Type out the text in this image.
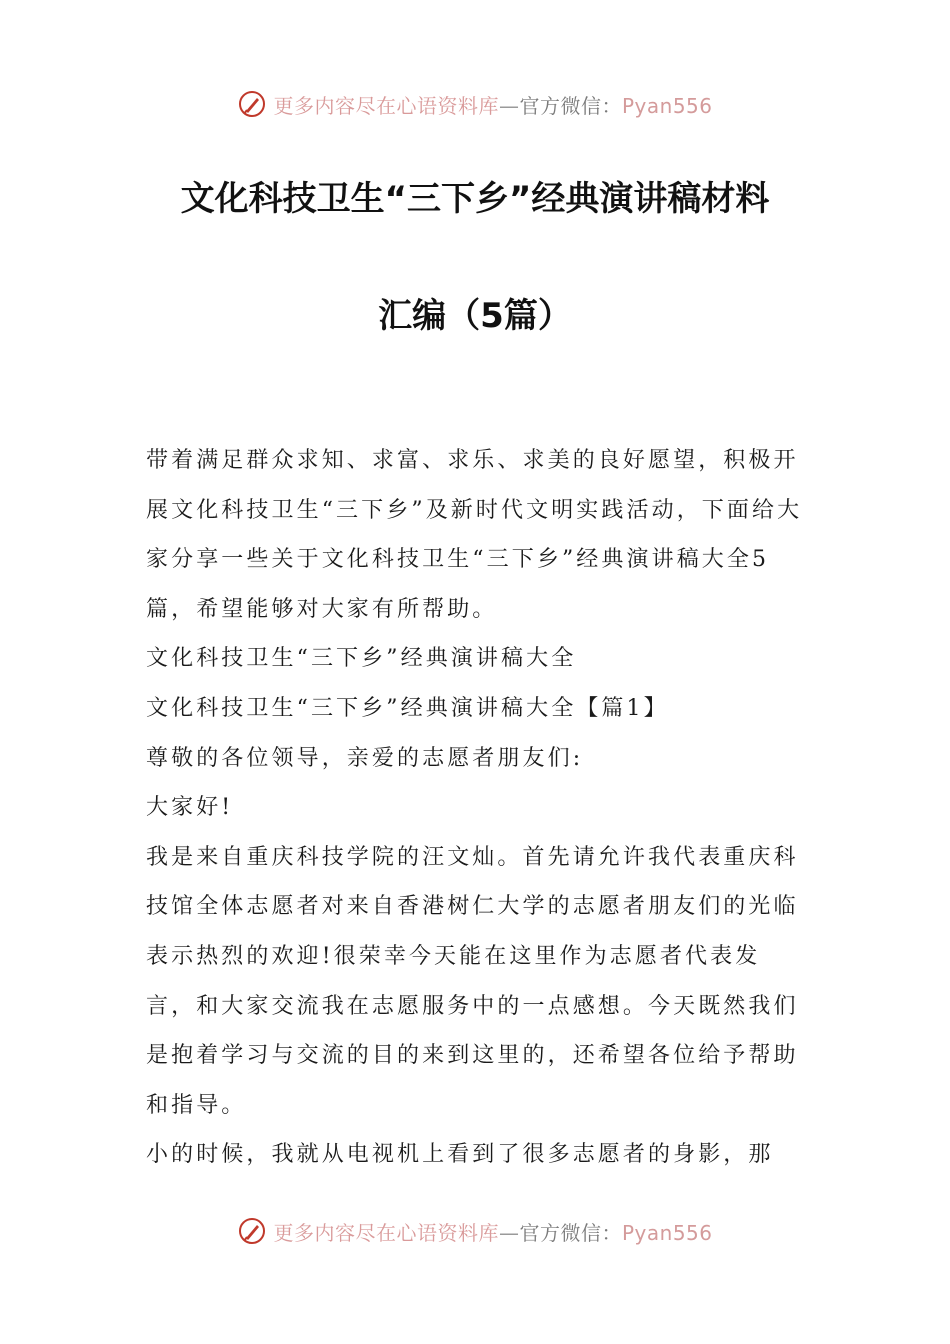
更多内容尽在心语资料库—官方微信：Pyan556
文化科技卫生“三下乡”经典演讲稿材料
汇编（5篇）

带着满足群众求知、求富、求乐、求美的良好愿望，积极开展文化科技卫生“三下乡”及新时代文明实践活动，下面给大家分享一些关于文化科技卫生“三下乡”经典演讲稿大全5篇，希望能够对大家有所帮助。

文化科技卫生“三下乡”经典演讲稿大全

文化科技卫生“三下乡”经典演讲稿大全【篇1】

尊敬的各位领导，亲爱的志愿者朋友们:

大家好!

我是来自重庆科技学院的汪文灿。首先请允许我代表重庆科技馆全体志愿者对来自香港树仁大学的志愿者朋友们的光临表示热烈的欢迎!很荣幸今天能在这里作为志愿者代表发言，和大家交流我在志愿服务中的一点感想。今天既然我们是抱着学习与交流的目的来到这里的，还希望各位给予帮助和指导。

小的时候，我就从电视机上看到了很多志愿者的身影，那

更多内容尽在心语资料库—官方微信：Pyan556
